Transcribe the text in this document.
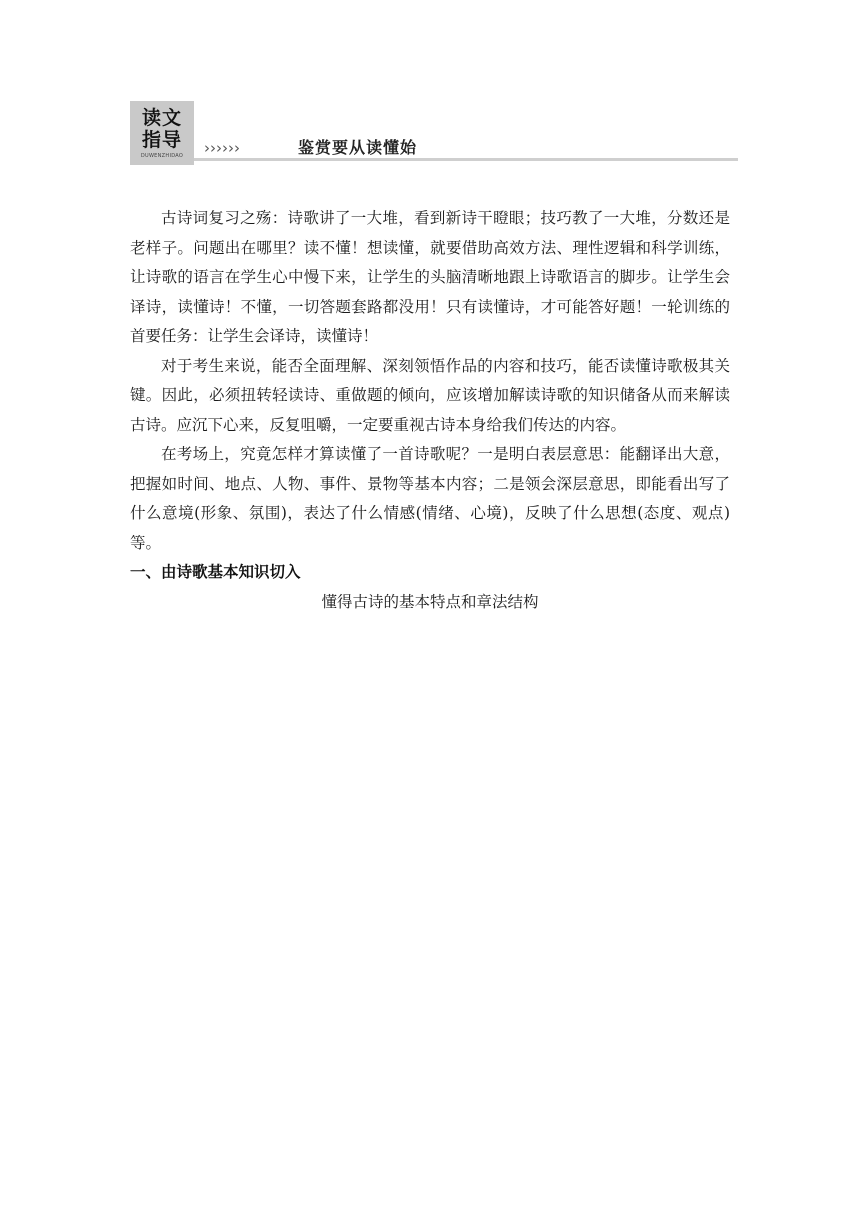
读文
指导
DUWENZHIDAO	››››››	鉴赏要从读懂始

古诗词复习之殇：诗歌讲了一大堆，看到新诗干瞪眼；技巧教了一大堆，分数还是老样子。问题出在哪里？读不懂！想读懂，就要借助高效方法、理性逻辑和科学训练，让诗歌的语言在学生心中慢下来，让学生的头脑清晰地跟上诗歌语言的脚步。让学生会译诗，读懂诗！不懂，一切答题套路都没用！只有读懂诗，才可能答好题！一轮训练的首要任务：让学生会译诗，读懂诗！

对于考生来说，能否全面理解、深刻领悟作品的内容和技巧，能否读懂诗歌极其关键。因此，必须扭转轻读诗、重做题的倾向，应该增加解读诗歌的知识储备从而来解读古诗。应沉下心来，反复咀嚼，一定要重视古诗本身给我们传达的内容。

在考场上，究竟怎样才算读懂了一首诗歌呢？一是明白表层意思：能翻译出大意，把握如时间、地点、人物、事件、景物等基本内容；二是领会深层意思，即能看出写了什么意境(形象、氛围)，表达了什么情感(情绪、心境)，反映了什么思想(态度、观点)等。

一、由诗歌基本知识切入

懂得古诗的基本特点和章法结构
